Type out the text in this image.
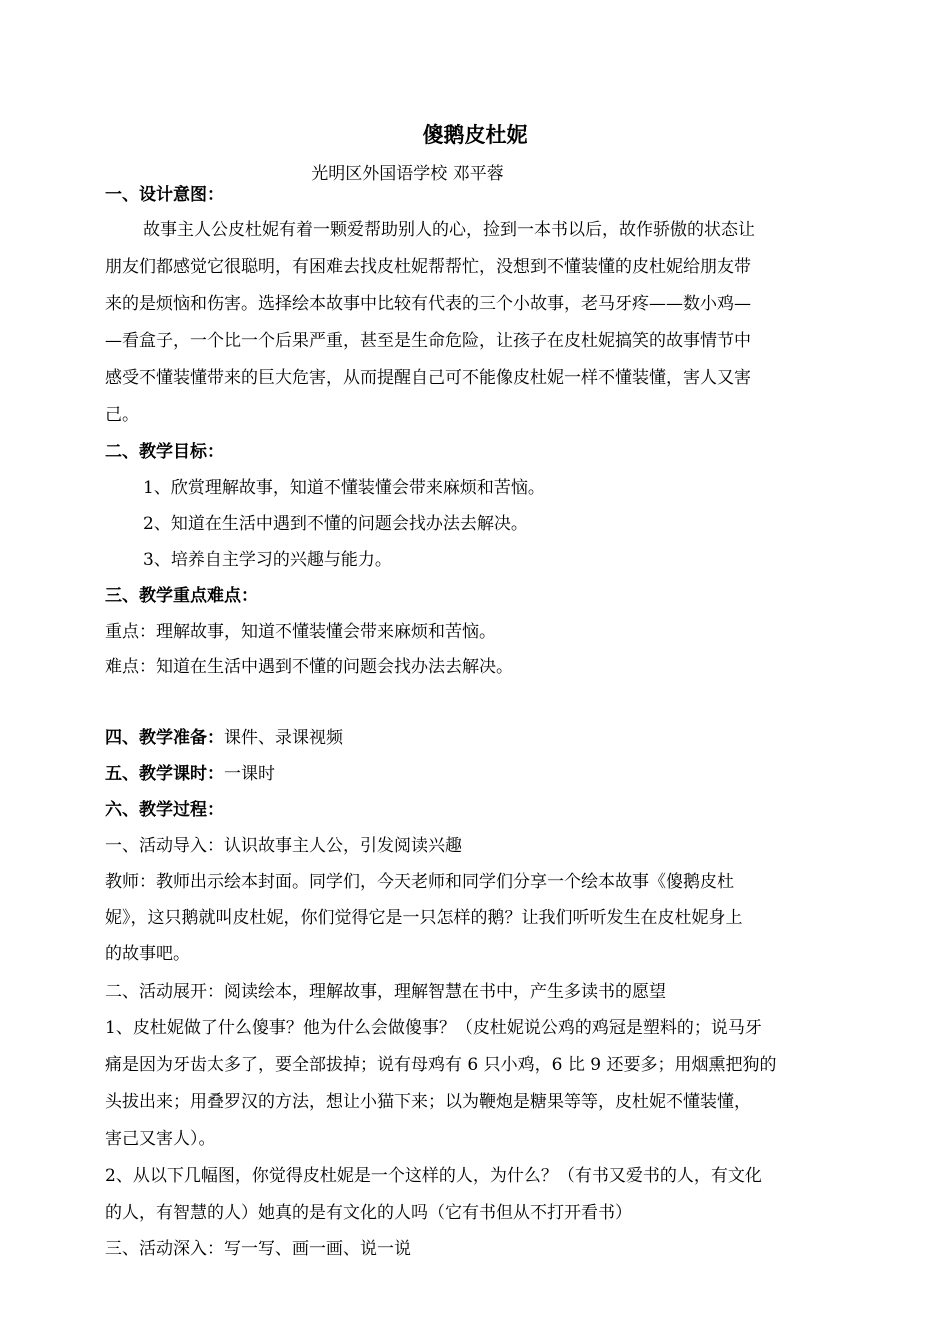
傻鹅皮杜妮
光明区外国语学校 邓平蓉
一、设计意图：
故事主人公皮杜妮有着一颗爱帮助别人的心，捡到一本书以后，故作骄傲的状态让
朋友们都感觉它很聪明，有困难去找皮杜妮帮帮忙，没想到不懂装懂的皮杜妮给朋友带
来的是烦恼和伤害。选择绘本故事中比较有代表的三个小故事，老马牙疼——数小鸡—
—看盒子，一个比一个后果严重，甚至是生命危险，让孩子在皮杜妮搞笑的故事情节中
感受不懂装懂带来的巨大危害，从而提醒自己可不能像皮杜妮一样不懂装懂，害人又害
己。
二、教学目标：
1、欣赏理解故事，知道不懂装懂会带来麻烦和苦恼。
2、知道在生活中遇到不懂的问题会找办法去解决。
3、培养自主学习的兴趣与能力。
三、教学重点难点：
重点：理解故事，知道不懂装懂会带来麻烦和苦恼。
难点：知道在生活中遇到不懂的问题会找办法去解决。
四、教学准备：课件、录课视频
五、教学课时：一课时
六、教学过程：
一、活动导入：认识故事主人公，引发阅读兴趣
教师：教师出示绘本封面。同学们，今天老师和同学们分享一个绘本故事《傻鹅皮杜
妮》，这只鹅就叫皮杜妮，你们觉得它是一只怎样的鹅？让我们听听发生在皮杜妮身上
的故事吧。
二、活动展开：阅读绘本，理解故事，理解智慧在书中，产生多读书的愿望
1、皮杜妮做了什么傻事？他为什么会做傻事？（皮杜妮说公鸡的鸡冠是塑料的；说马牙
痛是因为牙齿太多了，要全部拔掉；说有母鸡有 6 只小鸡，6 比 9 还要多；用烟熏把狗的
头拔出来；用叠罗汉的方法，想让小猫下来；以为鞭炮是糖果等等，皮杜妮不懂装懂，
害己又害人）。
2、从以下几幅图，你觉得皮杜妮是一个这样的人，为什么？（有书又爱书的人，有文化
的人，有智慧的人）她真的是有文化的人吗（它有书但从不打开看书）
三、活动深入：写一写、画一画、说一说
